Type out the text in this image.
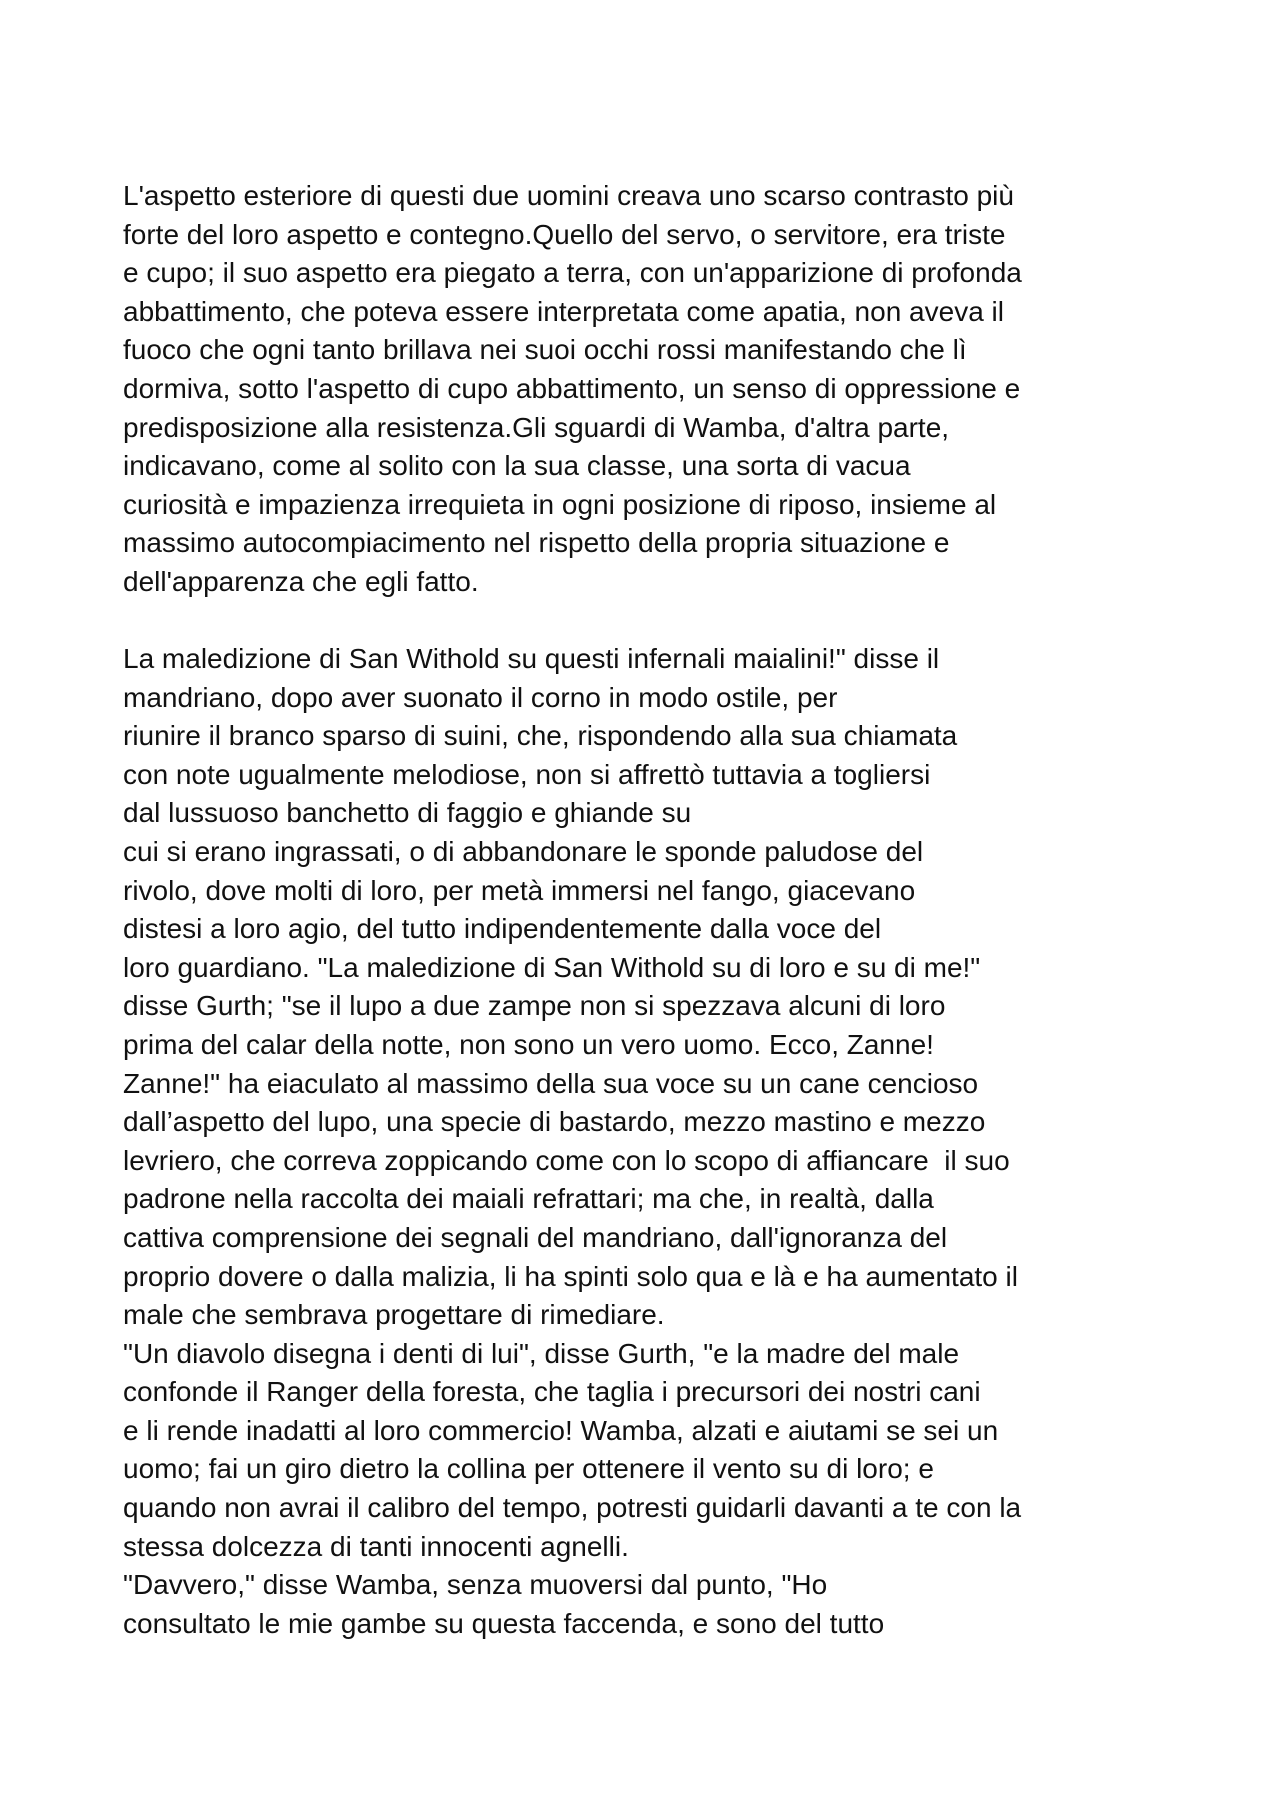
L'aspetto esteriore di questi due uomini creava uno scarso contrasto più
forte del loro aspetto e contegno.Quello del servo, o servitore, era triste
e cupo; il suo aspetto era piegato a terra, con un'apparizione di profonda
abbattimento, che poteva essere interpretata come apatia, non aveva il
fuoco che ogni tanto brillava nei suoi occhi rossi manifestando che lì
dormiva, sotto l'aspetto di cupo abbattimento, un senso di oppressione e
predisposizione alla resistenza.Gli sguardi di Wamba, d'altra parte,
indicavano, come al solito con la sua classe, una sorta di vacua
curiosità e impazienza irrequieta in ogni posizione di riposo, insieme al
massimo autocompiacimento nel rispetto della propria situazione e
dell'apparenza che egli fatto.
La maledizione di San Withold su questi infernali maialini!" disse il
mandriano, dopo aver suonato il corno in modo ostile, per
riunire il branco sparso di suini, che, rispondendo alla sua chiamata
con note ugualmente melodiose, non si affrettò tuttavia a togliersi
dal lussuoso banchetto di faggio e ghiande su
cui si erano ingrassati, o di abbandonare le sponde paludose del
rivolo, dove molti di loro, per metà immersi nel fango, giacevano
distesi a loro agio, del tutto indipendentemente dalla voce del
loro guardiano. "La maledizione di San Withold su di loro e su di me!"
disse Gurth; "se il lupo a due zampe non si spezzava alcuni di loro
prima del calar della notte, non sono un vero uomo. Ecco, Zanne!
Zanne!" ha eiaculato al massimo della sua voce su un cane cencioso
dall’aspetto del lupo, una specie di bastardo, mezzo mastino e mezzo
levriero, che correva zoppicando come con lo scopo di affiancare  il suo
padrone nella raccolta dei maiali refrattari; ma che, in realtà, dalla
cattiva comprensione dei segnali del mandriano, dall'ignoranza del
proprio dovere o dalla malizia, li ha spinti solo qua e là e ha aumentato il
male che sembrava progettare di rimediare.
"Un diavolo disegna i denti di lui", disse Gurth, "e la madre del male
confonde il Ranger della foresta, che taglia i precursori dei nostri cani
e li rende inadatti al loro commercio! Wamba, alzati e aiutami se sei un
uomo; fai un giro dietro la collina per ottenere il vento su di loro; e
quando non avrai il calibro del tempo, potresti guidarli davanti a te con la
stessa dolcezza di tanti innocenti agnelli.
"Davvero," disse Wamba, senza muoversi dal punto, "Ho
consultato le mie gambe su questa faccenda, e sono del tutto
